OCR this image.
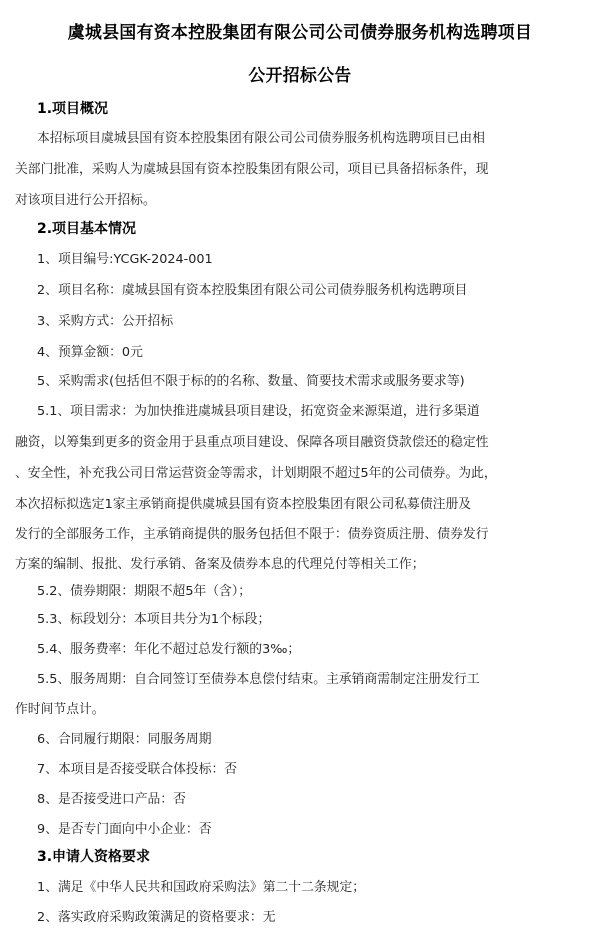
虞城县国有资本控股集团有限公司公司债券服务机构选聘项目
公开招标公告
1.项目概况
本招标项目虞城县国有资本控股集团有限公司公司债券服务机构选聘项目已由相
关部门批准，采购人为虞城县国有资本控股集团有限公司，项目已具备招标条件，现
对该项目进行公开招标。
2.项目基本情况
1、项目编号:YCGK-2024-001
2、项目名称：虞城县国有资本控股集团有限公司公司债券服务机构选聘项目
3、采购方式：公开招标
4、预算金额：0元
5、采购需求(包括但不限于标的的名称、数量、简要技术需求或服务要求等)
5.1、项目需求：为加快推进虞城县项目建设，拓宽资金来源渠道，进行多渠道
融资，以筹集到更多的资金用于县重点项目建设、保障各项目融资贷款偿还的稳定性
、安全性，补充我公司日常运营资金等需求，计划期限不超过5年的公司债券。为此，
本次招标拟选定1家主承销商提供虞城县国有资本控股集团有限公司私募债注册及
发行的全部服务工作，主承销商提供的服务包括但不限于：债券资质注册、债券发行
方案的编制、报批、发行承销、备案及债券本息的代理兑付等相关工作；
5.2、债券期限：期限不超5年（含）；
5.3、标段划分：本项目共分为1个标段；
5.4、服务费率：年化不超过总发行额的3‰；
5.5、服务周期：自合同签订至债券本息偿付结束。主承销商需制定注册发行工
作时间节点计。
6、合同履行期限：同服务周期
7、本项目是否接受联合体投标：否
8、是否接受进口产品：否
9、是否专门面向中小企业：否
3.申请人资格要求
1、满足《中华人民共和国政府采购法》第二十二条规定；
2、落实政府采购政策满足的资格要求：无
